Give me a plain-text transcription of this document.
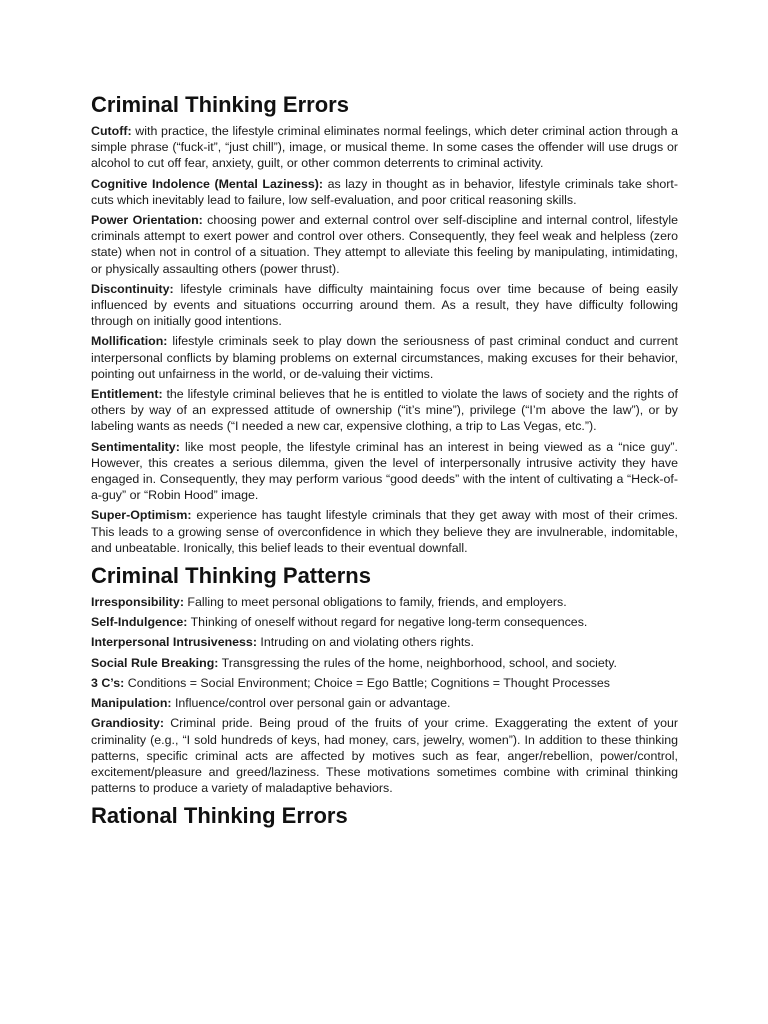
Criminal Thinking Errors

Cutoff: with practice, the lifestyle criminal eliminates normal feelings, which deter criminal action through a simple phrase (“fuck-it”, “just chill”), image, or musical theme. In some cases the offender will use drugs or alcohol to cut off fear, anxiety, guilt, or other common deterrents to criminal activity.

Cognitive Indolence (Mental Laziness): as lazy in thought as in behavior, lifestyle criminals take short-cuts which inevitably lead to failure, low self-evaluation, and poor critical reasoning skills.

Power Orientation: choosing power and external control over self-discipline and internal control, lifestyle criminals attempt to exert power and control over others. Consequently, they feel weak and helpless (zero state) when not in control of a situation. They attempt to alleviate this feeling by manipulating, intimidating, or physically assaulting others (power thrust).

Discontinuity: lifestyle criminals have difficulty maintaining focus over time because of being easily influenced by events and situations occurring around them. As a result, they have difficulty following through on initially good intentions.

Mollification: lifestyle criminals seek to play down the seriousness of past criminal conduct and current interpersonal conflicts by blaming problems on external circumstances, making excuses for their behavior, pointing out unfairness in the world, or de-valuing their victims.

Entitlement: the lifestyle criminal believes that he is entitled to violate the laws of society and the rights of others by way of an expressed attitude of ownership (“it’s mine”), privilege (“I’m above the law”), or by labeling wants as needs (“I needed a new car, expensive clothing, a trip to Las Vegas, etc.”).

Sentimentality: like most people, the lifestyle criminal has an interest in being viewed as a “nice guy”. However, this creates a serious dilemma, given the level of interpersonally intrusive activity they have engaged in. Consequently, they may perform various “good deeds” with the intent of cultivating a “Heck-of-a-guy” or “Robin Hood” image.

Super-Optimism: experience has taught lifestyle criminals that they get away with most of their crimes. This leads to a growing sense of overconfidence in which they believe they are invulnerable, indomitable, and unbeatable. Ironically, this belief leads to their eventual downfall.

Criminal Thinking Patterns

Irresponsibility: Falling to meet personal obligations to family, friends, and employers.

Self-Indulgence: Thinking of oneself without regard for negative long-term consequences.

Interpersonal Intrusiveness: Intruding on and violating others rights.

Social Rule Breaking: Transgressing the rules of the home, neighborhood, school, and society.

3 C’s: Conditions = Social Environment; Choice = Ego Battle; Cognitions = Thought Processes

Manipulation: Influence/control over personal gain or advantage.

Grandiosity: Criminal pride. Being proud of the fruits of your crime. Exaggerating the extent of your criminality (e.g., “I sold hundreds of keys, had money, cars, jewelry, women”). In addition to these thinking patterns, specific criminal acts are affected by motives such as fear, anger/rebellion, power/control, excitement/pleasure and greed/laziness. These motivations sometimes combine with criminal thinking patterns to produce a variety of maladaptive behaviors.

Rational Thinking Errors
